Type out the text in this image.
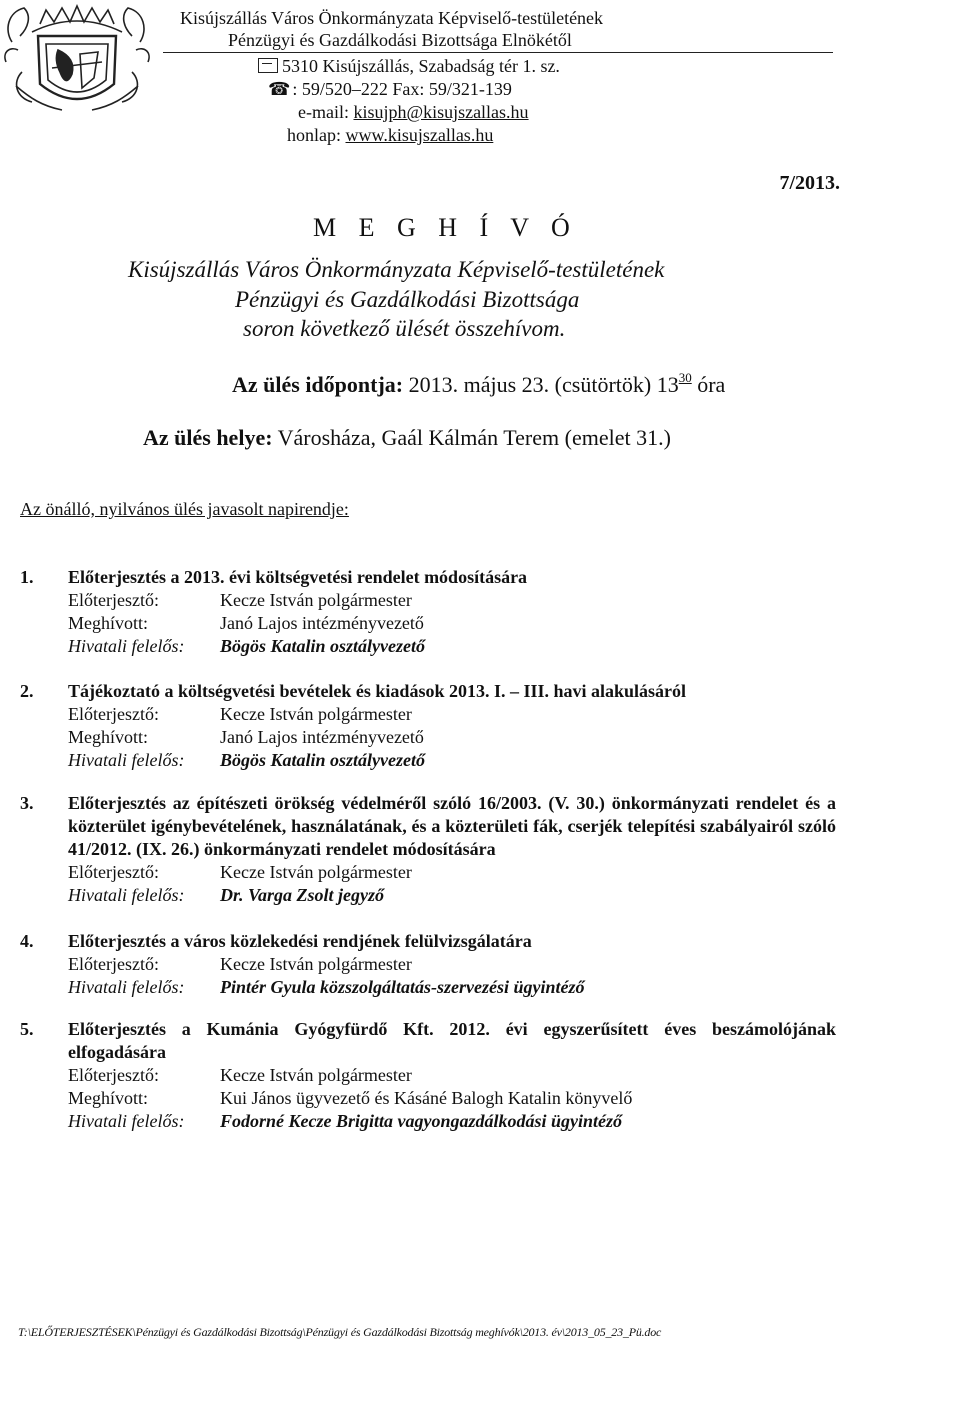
Kisújszállás Város Önkormányzata Képviselő-testületének
Pénzügyi és Gazdálkodási Bizottsága Elnökétől
5310 Kisújszállás, Szabadság tér 1. sz.
☎ : 59/520–222 Fax: 59/321-139
e-mail: kisujph@kisujszallas.hu
honlap: www.kisujszallas.hu
7/2013.
M E G H Í V Ó
Kisújszállás Város Önkormányzata Képviselő-testületének
Pénzügyi és Gazdálkodási Bizottsága
soron következő ülését összehívom.
Az ülés időpontja: 2013. május 23. (csütörtök) $13^{30}$ óra
Az ülés helye: Városháza, Gaál Kálmán Terem (emelet 31.)
Az önálló, nyilvános ülés javasolt napirendje:
1. Előterjesztés a 2013. évi költségvetési rendelet módosítására
Előterjesztő:	Kecze István polgármester
Meghívott:	Janó Lajos intézményvezető
Hivatali felelős: Bögös Katalin osztályvezető
2. Tájékoztató a költségvetési bevételek és kiadások 2013. I. – III. havi alakulásáról
Előterjesztő:	Kecze István polgármester
Meghívott:	Janó Lajos intézményvezető
Hivatali felelős: Bögös Katalin osztályvezető
3. Előterjesztés az építészeti örökség védelméről szóló 16/2003. (V. 30.) önkormányzati rendelet és a közterület igénybevételének, használatának, és a közterületi fák, cserjék telepítési szabályairól szóló 41/2012. (IX. 26.) önkormányzati rendelet módosítására
Előterjesztő:	Kecze István polgármester
Hivatali felelős: Dr. Varga Zsolt jegyző
4. Előterjesztés a város közlekedési rendjének felülvizsgálatára
Előterjesztő:	Kecze István polgármester
Hivatali felelős: Pintér Gyula közszolgáltatás-szervezési ügyintéző
5. Előterjesztés a Kumánia Gyógyfürdő Kft. 2012. évi egyszerűsített éves beszámolójának elfogadására
Előterjesztő:	Kecze István polgármester
Meghívott:	Kui János ügyvezető és Kásáné Balogh Katalin könyvelő
Hivatali felelős: Fodorné Kecze Brigitta vagyongazdálkodási ügyintéző
T:\ELŐTERJESZTÉSEK\Pénzügyi és Gazdálkodási Bizottság\Pénzügyi és Gazdálkodási Bizottság meghívók\2013. év\2013_05_23_Pü.doc
